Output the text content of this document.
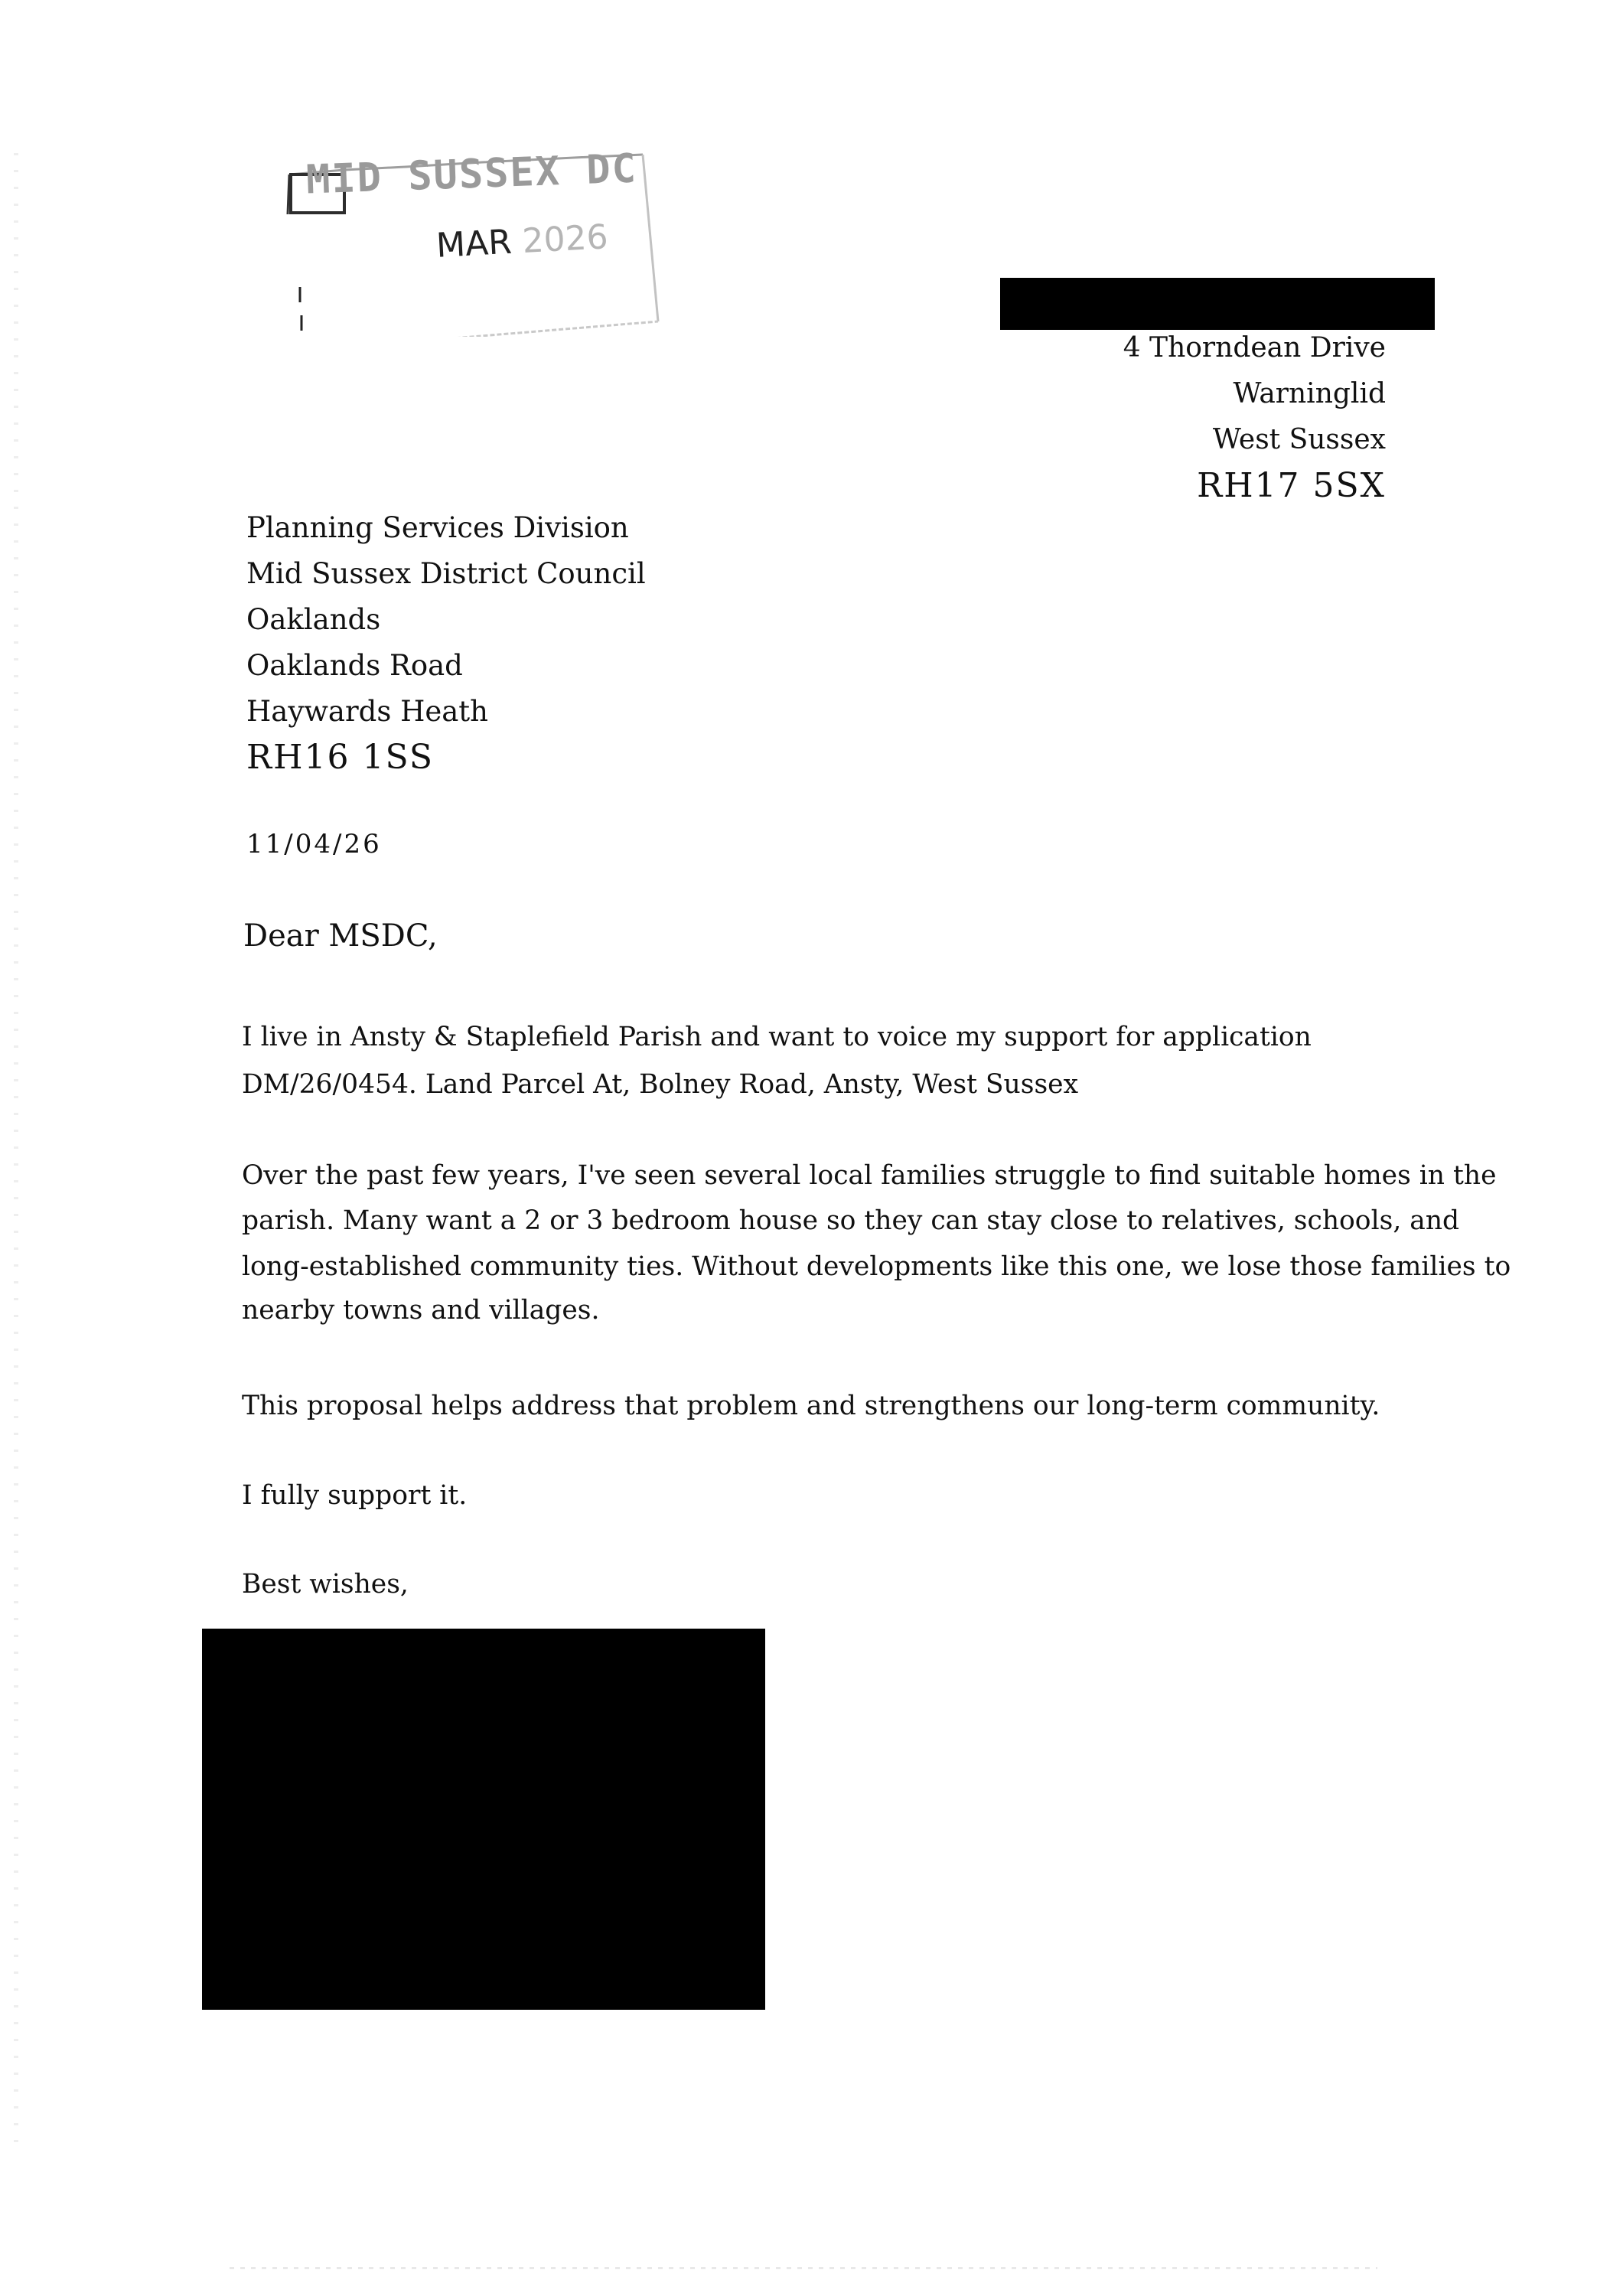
MID SUSSEX DC
MAR 2026
4 Thorndean Drive
Warninglid
West Sussex
RH17 5SX
Planning Services Division
Mid Sussex District Council
Oaklands
Oaklands Road
Haywards Heath
RH16 1SS
11/04/26
Dear MSDC,
I live in Ansty & Staplefield Parish and want to voice my support for application
DM/26/0454. Land Parcel At, Bolney Road, Ansty, West Sussex
Over the past few years, I've seen several local families struggle to find suitable homes in the
parish. Many want a 2 or 3 bedroom house so they can stay close to relatives, schools, and
long-established community ties. Without developments like this one, we lose those families to
nearby towns and villages.
This proposal helps address that problem and strengthens our long-term community.
I fully support it.
Best wishes,
